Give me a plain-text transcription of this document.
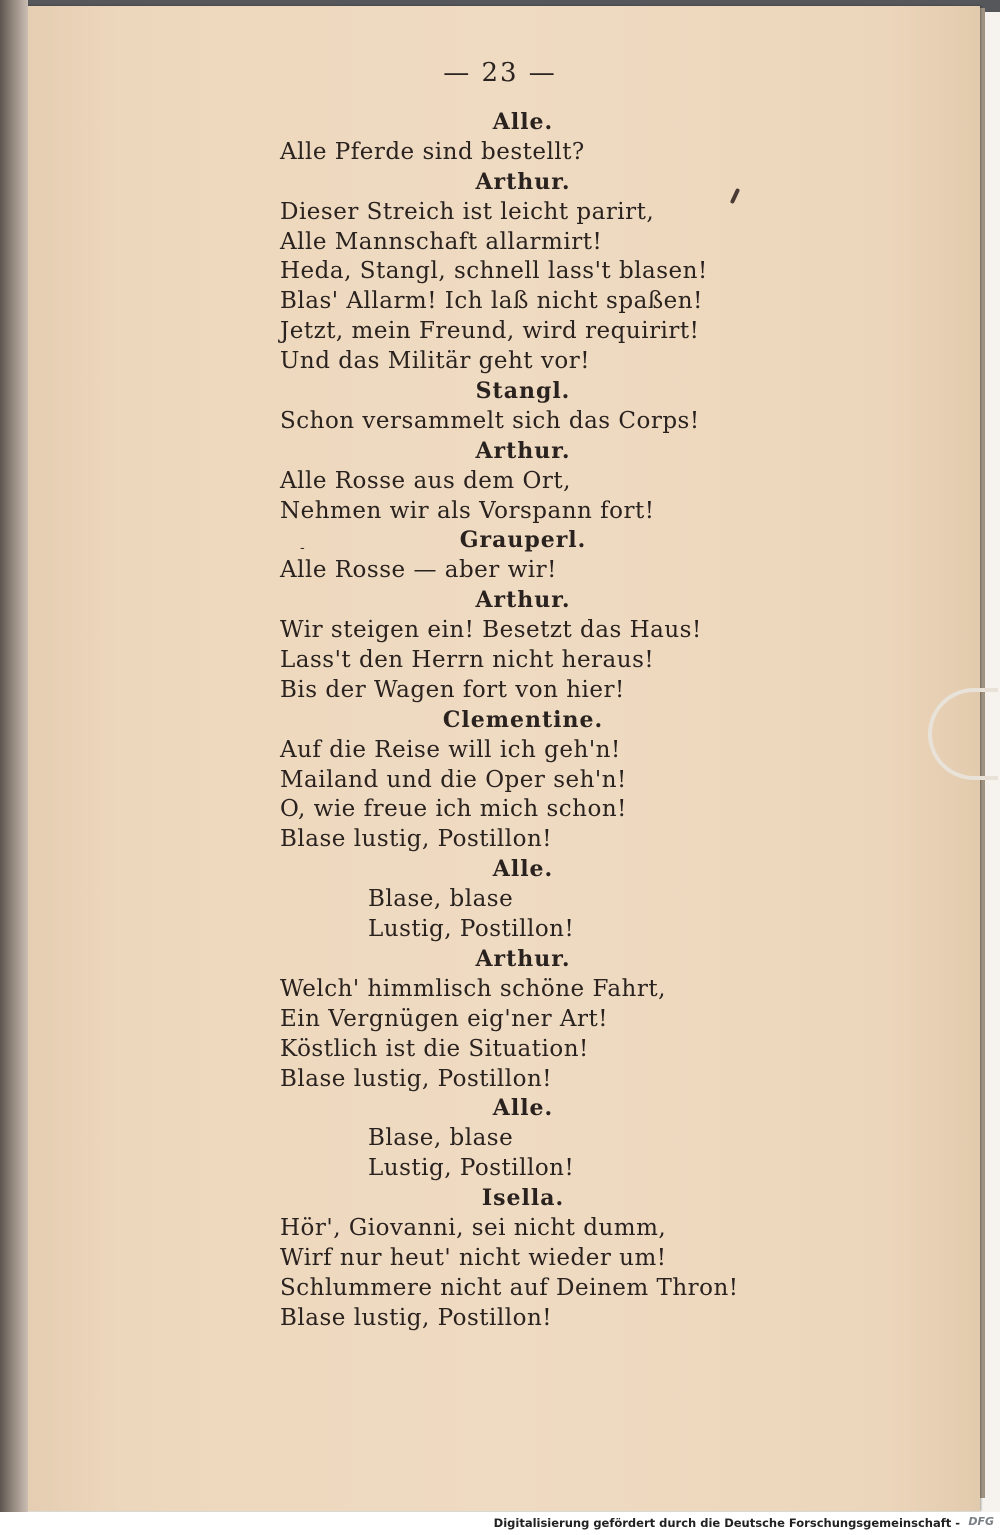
— 23 —
-
Alle.
Alle Pferde sind bestellt?
Arthur.
Dieser Streich ist leicht parirt,
Alle Mannschaft allarmirt!
Heda, Stangl, schnell lass't blasen!
Blas' Allarm! Ich laß nicht spaßen!
Jetzt, mein Freund, wird requirirt!
Und das Militär geht vor!
Stangl.
Schon versammelt sich das Corps!
Arthur.
Alle Rosse aus dem Ort,
Nehmen wir als Vorspann fort!
Grauperl.
Alle Rosse — aber wir!
Arthur.
Wir steigen ein! Besetzt das Haus!
Lass't den Herrn nicht heraus!
Bis der Wagen fort von hier!
Clementine.
Auf die Reise will ich geh'n!
Mailand und die Oper seh'n!
O, wie freue ich mich schon!
Blase lustig, Postillon!
Alle.
Blase, blase
Lustig, Postillon!
Arthur.
Welch' himmlisch schöne Fahrt,
Ein Vergnügen eig'ner Art!
Köstlich ist die Situation!
Blase lustig, Postillon!
Alle.
Blase, blase
Lustig, Postillon!
Isella.
Hör', Giovanni, sei nicht dumm,
Wirf nur heut' nicht wieder um!
Schlummere nicht auf Deinem Thron!
Blase lustig, Postillon!
Digitalisierung gefördert durch die Deutsche Forschungsgemeinschaft - DFG
